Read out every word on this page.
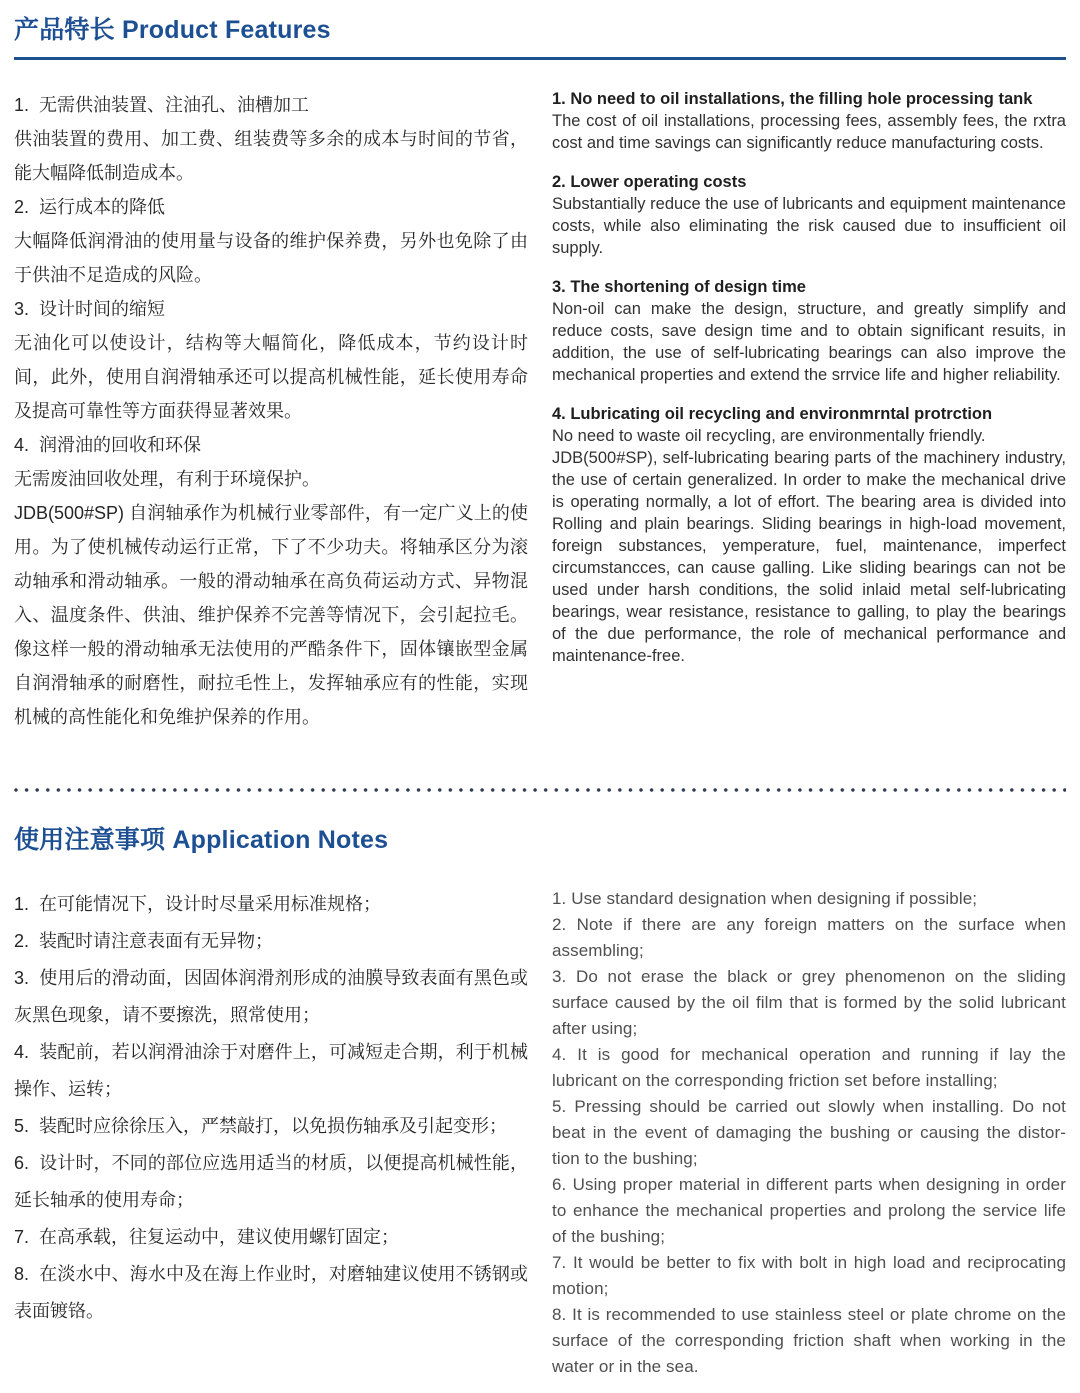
产品特长 Product Features

1.  无需供油装置、注油孔、油槽加工

供油装置的费用、加工费、组装费等多余的成本与时间的节省，能大幅降低制造成本。

2.  运行成本的降低

大幅降低润滑油的使用量与设备的维护保养费，另外也免除了由于供油不足造成的风险。

3.  设计时间的缩短

无油化可以使设计，结构等大幅简化，降低成本，节约设计时间，此外，使用自润滑轴承还可以提高机械性能，延长使用寿命及提高可靠性等方面获得显著效果。

4.  润滑油的回收和环保

无需废油回收处理，有利于环境保护。

JDB(500#SP) 自润轴承作为机械行业零部件，有一定广义上的使用。为了使机械传动运行正常，下了不少功夫。将轴承区分为滚动轴承和滑动轴承。一般的滑动轴承在高负荷运动方式、异物混入、温度条件、供油、维护保养不完善等情况下，会引起拉毛。像这样一般的滑动轴承无法使用的严酷条件下，固体镶嵌型金属自润滑轴承的耐磨性，耐拉毛性上，发挥轴承应有的性能，实现机械的高性能化和免维护保养的作用。

1. No need to oil installations, the filling hole processing tank

The cost of oil installations, processing fees, assembly fees, the rxtra cost and time savings can significantly reduce manufacturing costs.

2. Lower operating costs

Substantially reduce the use of lubricants and equipment maintenance costs, while also eliminating the risk caused due to insufficient oil supply.

3. The shortening of design time

Non-oil can make the design, structure, and greatly simplify and reduce costs, save design time and to obtain significant resuits, in addition, the use of self-lubricating bearings can also improve the mechanical properties and extend the srrvice life and higher reliability.

4. Lubricating oil recycling and environmrntal protrction

No need to waste oil recycling, are environmentally friendly.

JDB(500#SP), self-lubricating bearing parts of the machinery industry, the use of certain generalized. In order to make the mechanical drive is operating normally, a lot of effort. The bearing area is divided into Rolling and plain bearings. Sliding bearings in high-load movement, foreign substances, yemperature, fuel, maintenance, imperfect circumstancces, can cause galling. Like sliding bearings can not be used under harsh conditions, the solid inlaid metal self-lubricating bearings, wear resistance, resistance to galling, to play the bearings of the due performance, the role of mechanical performance and maintenance-free.

使用注意事项 Application Notes

1.  在可能情况下，设计时尽量采用标准规格；

2.  装配时请注意表面有无异物；

3.  使用后的滑动面，因固体润滑剂形成的油膜导致表面有黑色或灰黑色现象，请不要擦洗，照常使用；

4.  装配前，若以润滑油涂于对磨件上，可减短走合期，利于机械操作、运转；

5.  装配时应徐徐压入，严禁敲打，以免损伤轴承及引起变形；

6.  设计时，不同的部位应选用适当的材质，以便提高机械性能，延长轴承的使用寿命；

7.  在高承载，往复运动中，建议使用螺钉固定；

8.  在淡水中、海水中及在海上作业时，对磨轴建议使用不锈钢或表面镀铬。

1. Use standard designation when designing if possible;

2. Note if there are any foreign matters on the surface when assembling;

3. Do not erase the black or grey phenomenon on the sliding surface caused by the oil film that is formed by the solid lubricant after using;

4. It is good for mechanical operation and running if lay the lubricant on the corresponding friction set before installing;

5. Pressing should be carried out slowly when installing. Do not beat in the event of damaging the bushing or causing the distor-tion to the bushing;

6. Using proper material in different parts when designing in order to enhance the mechanical properties and prolong the service life of the bushing;

7. It would be better to fix with bolt in high load and reciprocating motion;

8. It is recommended to use stainless steel or plate chrome on the surface of the corresponding friction shaft when working in the water or in the sea.
